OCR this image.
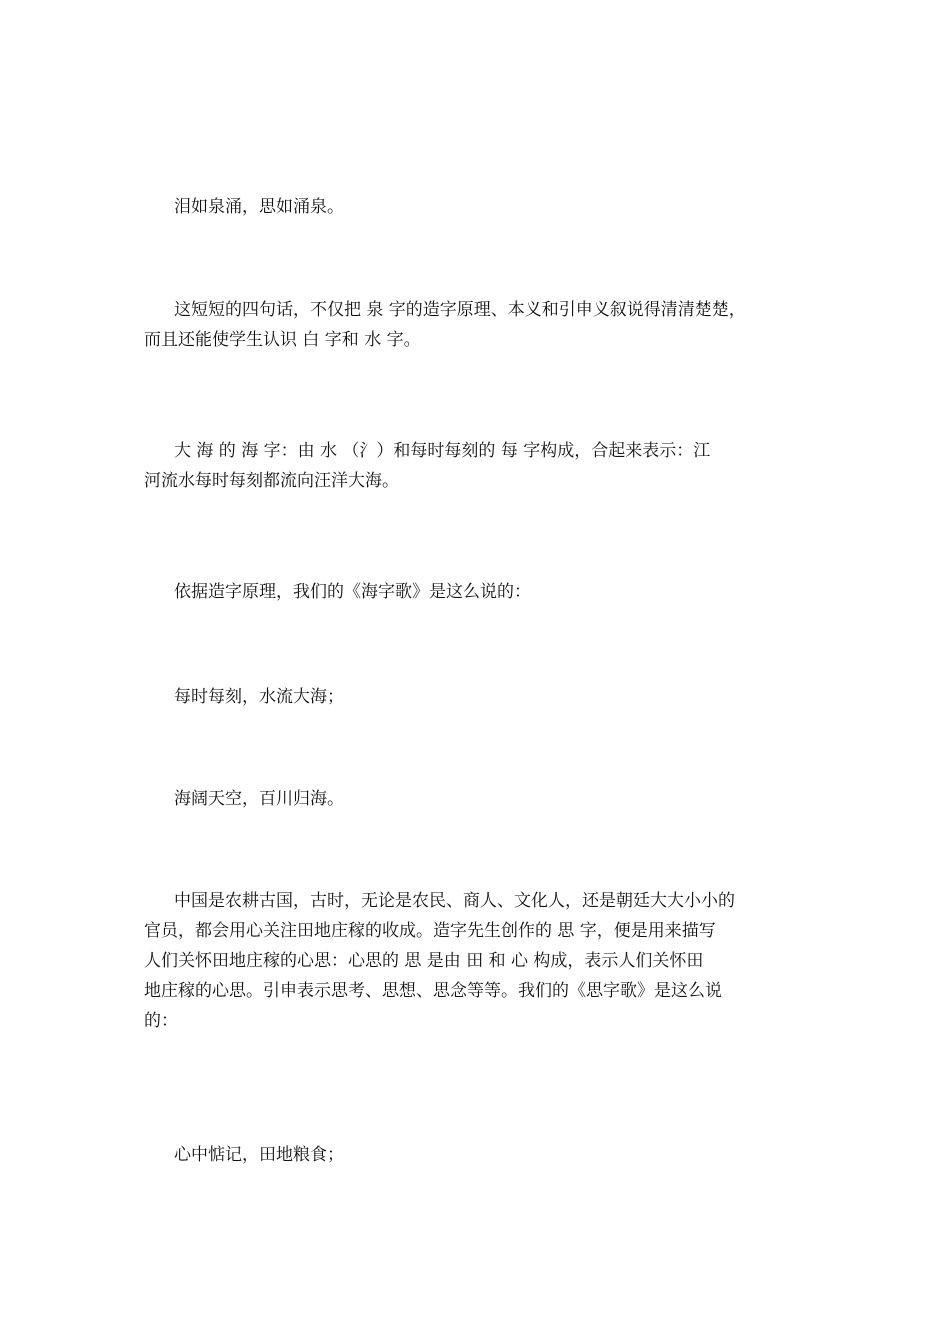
泪如泉涌，思如涌泉。
这短短的四句话，不仅把 泉 字的造字原理、本义和引申义叙说得清清楚楚，
而且还能使学生认识 白 字和 水 字。
大 海 的 海 字：由 水 （氵）和每时每刻的 每 字构成，合起来表示：江
河流水每时每刻都流向汪洋大海。
依据造字原理，我们的《海字歌》是这么说的：
每时每刻，水流大海；
海阔天空，百川归海。
中国是农耕古国，古时，无论是农民、商人、文化人，还是朝廷大大小小的
官员，都会用心关注田地庄稼的收成。造字先生创作的 思 字，便是用来描写
人们关怀田地庄稼的心思：心思的 思 是由 田 和 心 构成，表示人们关怀田
地庄稼的心思。引申表示思考、思想、思念等等。我们的《思字歌》是这么说
的：
心中惦记，田地粮食；
